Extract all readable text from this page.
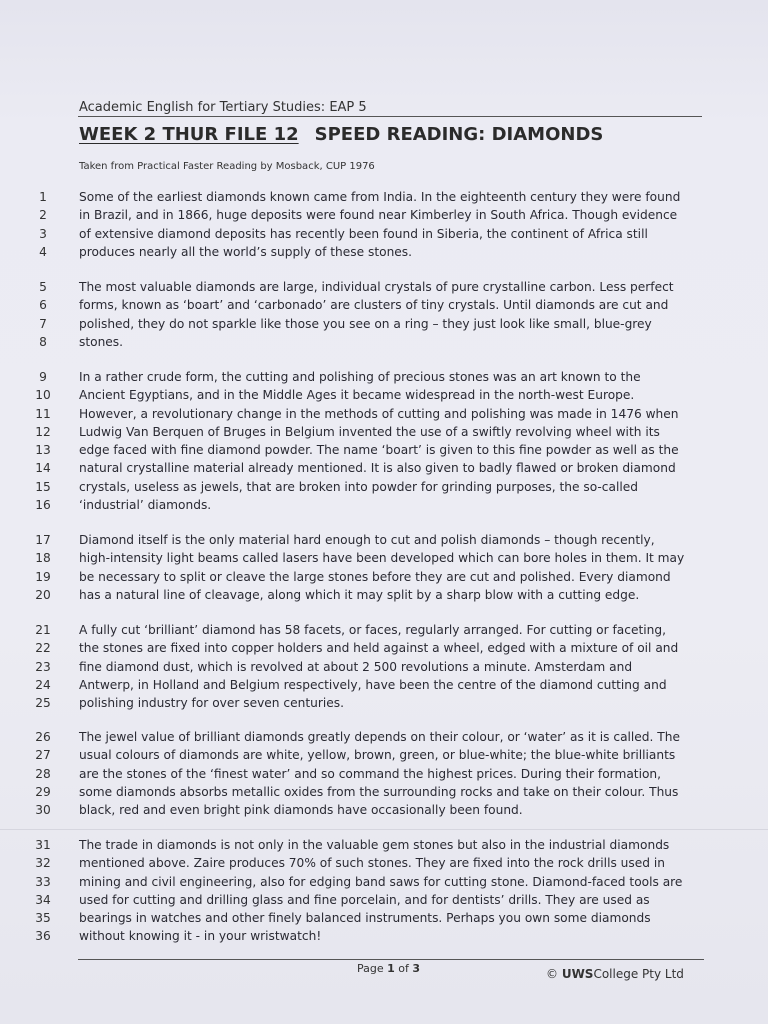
Academic English for Tertiary Studies: EAP 5
WEEK 2 THUR FILE 12 SPEED READING: DIAMONDS
Taken from Practical Faster Reading by Mosback, CUP 1976
1	Some of the earliest diamonds known came from India. In the eighteenth century they were found
2	in Brazil, and in 1866, huge deposits were found near Kimberley in South Africa. Though evidence
3	of extensive diamond deposits has recently been found in Siberia, the continent of Africa still
4	produces nearly all the world’s supply of these stones.
5	The most valuable diamonds are large, individual crystals of pure crystalline carbon. Less perfect
6	forms, known as ‘boart’ and ‘carbonado’ are clusters of tiny crystals. Until diamonds are cut and
7	polished, they do not sparkle like those you see on a ring – they just look like small, blue-grey
8	stones.
9	In a rather crude form, the cutting and polishing of precious stones was an art known to the
10	Ancient Egyptians, and in the Middle Ages it became widespread in the north-west Europe.
11	However, a revolutionary change in the methods of cutting and polishing was made in 1476 when
12	Ludwig Van Berquen of Bruges in Belgium invented the use of a swiftly revolving wheel with its
13	edge faced with fine diamond powder. The name ‘boart’ is given to this fine powder as well as the
14	natural crystalline material already mentioned. It is also given to badly flawed or broken diamond
15	crystals, useless as jewels, that are broken into powder for grinding purposes, the so-called
16	‘industrial’ diamonds.
17	Diamond itself is the only material hard enough to cut and polish diamonds – though recently,
18	high-intensity light beams called lasers have been developed which can bore holes in them. It may
19	be necessary to split or cleave the large stones before they are cut and polished. Every diamond
20	has a natural line of cleavage, along which it may split by a sharp blow with a cutting edge.
21	A fully cut ‘brilliant’ diamond has 58 facets, or faces, regularly arranged. For cutting or faceting,
22	the stones are fixed into copper holders and held against a wheel, edged with a mixture of oil and
23	fine diamond dust, which is revolved at about 2 500 revolutions a minute. Amsterdam and
24	Antwerp, in Holland and Belgium respectively, have been the centre of the diamond cutting and
25	polishing industry for over seven centuries.
26	The jewel value of brilliant diamonds greatly depends on their colour, or ‘water’ as it is called. The
27	usual colours of diamonds are white, yellow, brown, green, or blue-white; the blue-white brilliants
28	are the stones of the ‘finest water’ and so command the highest prices. During their formation,
29	some diamonds absorbs metallic oxides from the surrounding rocks and take on their colour. Thus
30	black, red and even bright pink diamonds have occasionally been found.
31	The trade in diamonds is not only in the valuable gem stones but also in the industrial diamonds
32	mentioned above. Zaire produces 70% of such stones. They are fixed into the rock drills used in
33	mining and civil engineering, also for edging band saws for cutting stone. Diamond-faced tools are
34	used for cutting and drilling glass and fine porcelain, and for dentists’ drills. They are used as
35	bearings in watches and other finely balanced instruments. Perhaps you own some diamonds
36	without knowing it - in your wristwatch!
Page 1 of 3	© UWSCollege Pty Ltd
